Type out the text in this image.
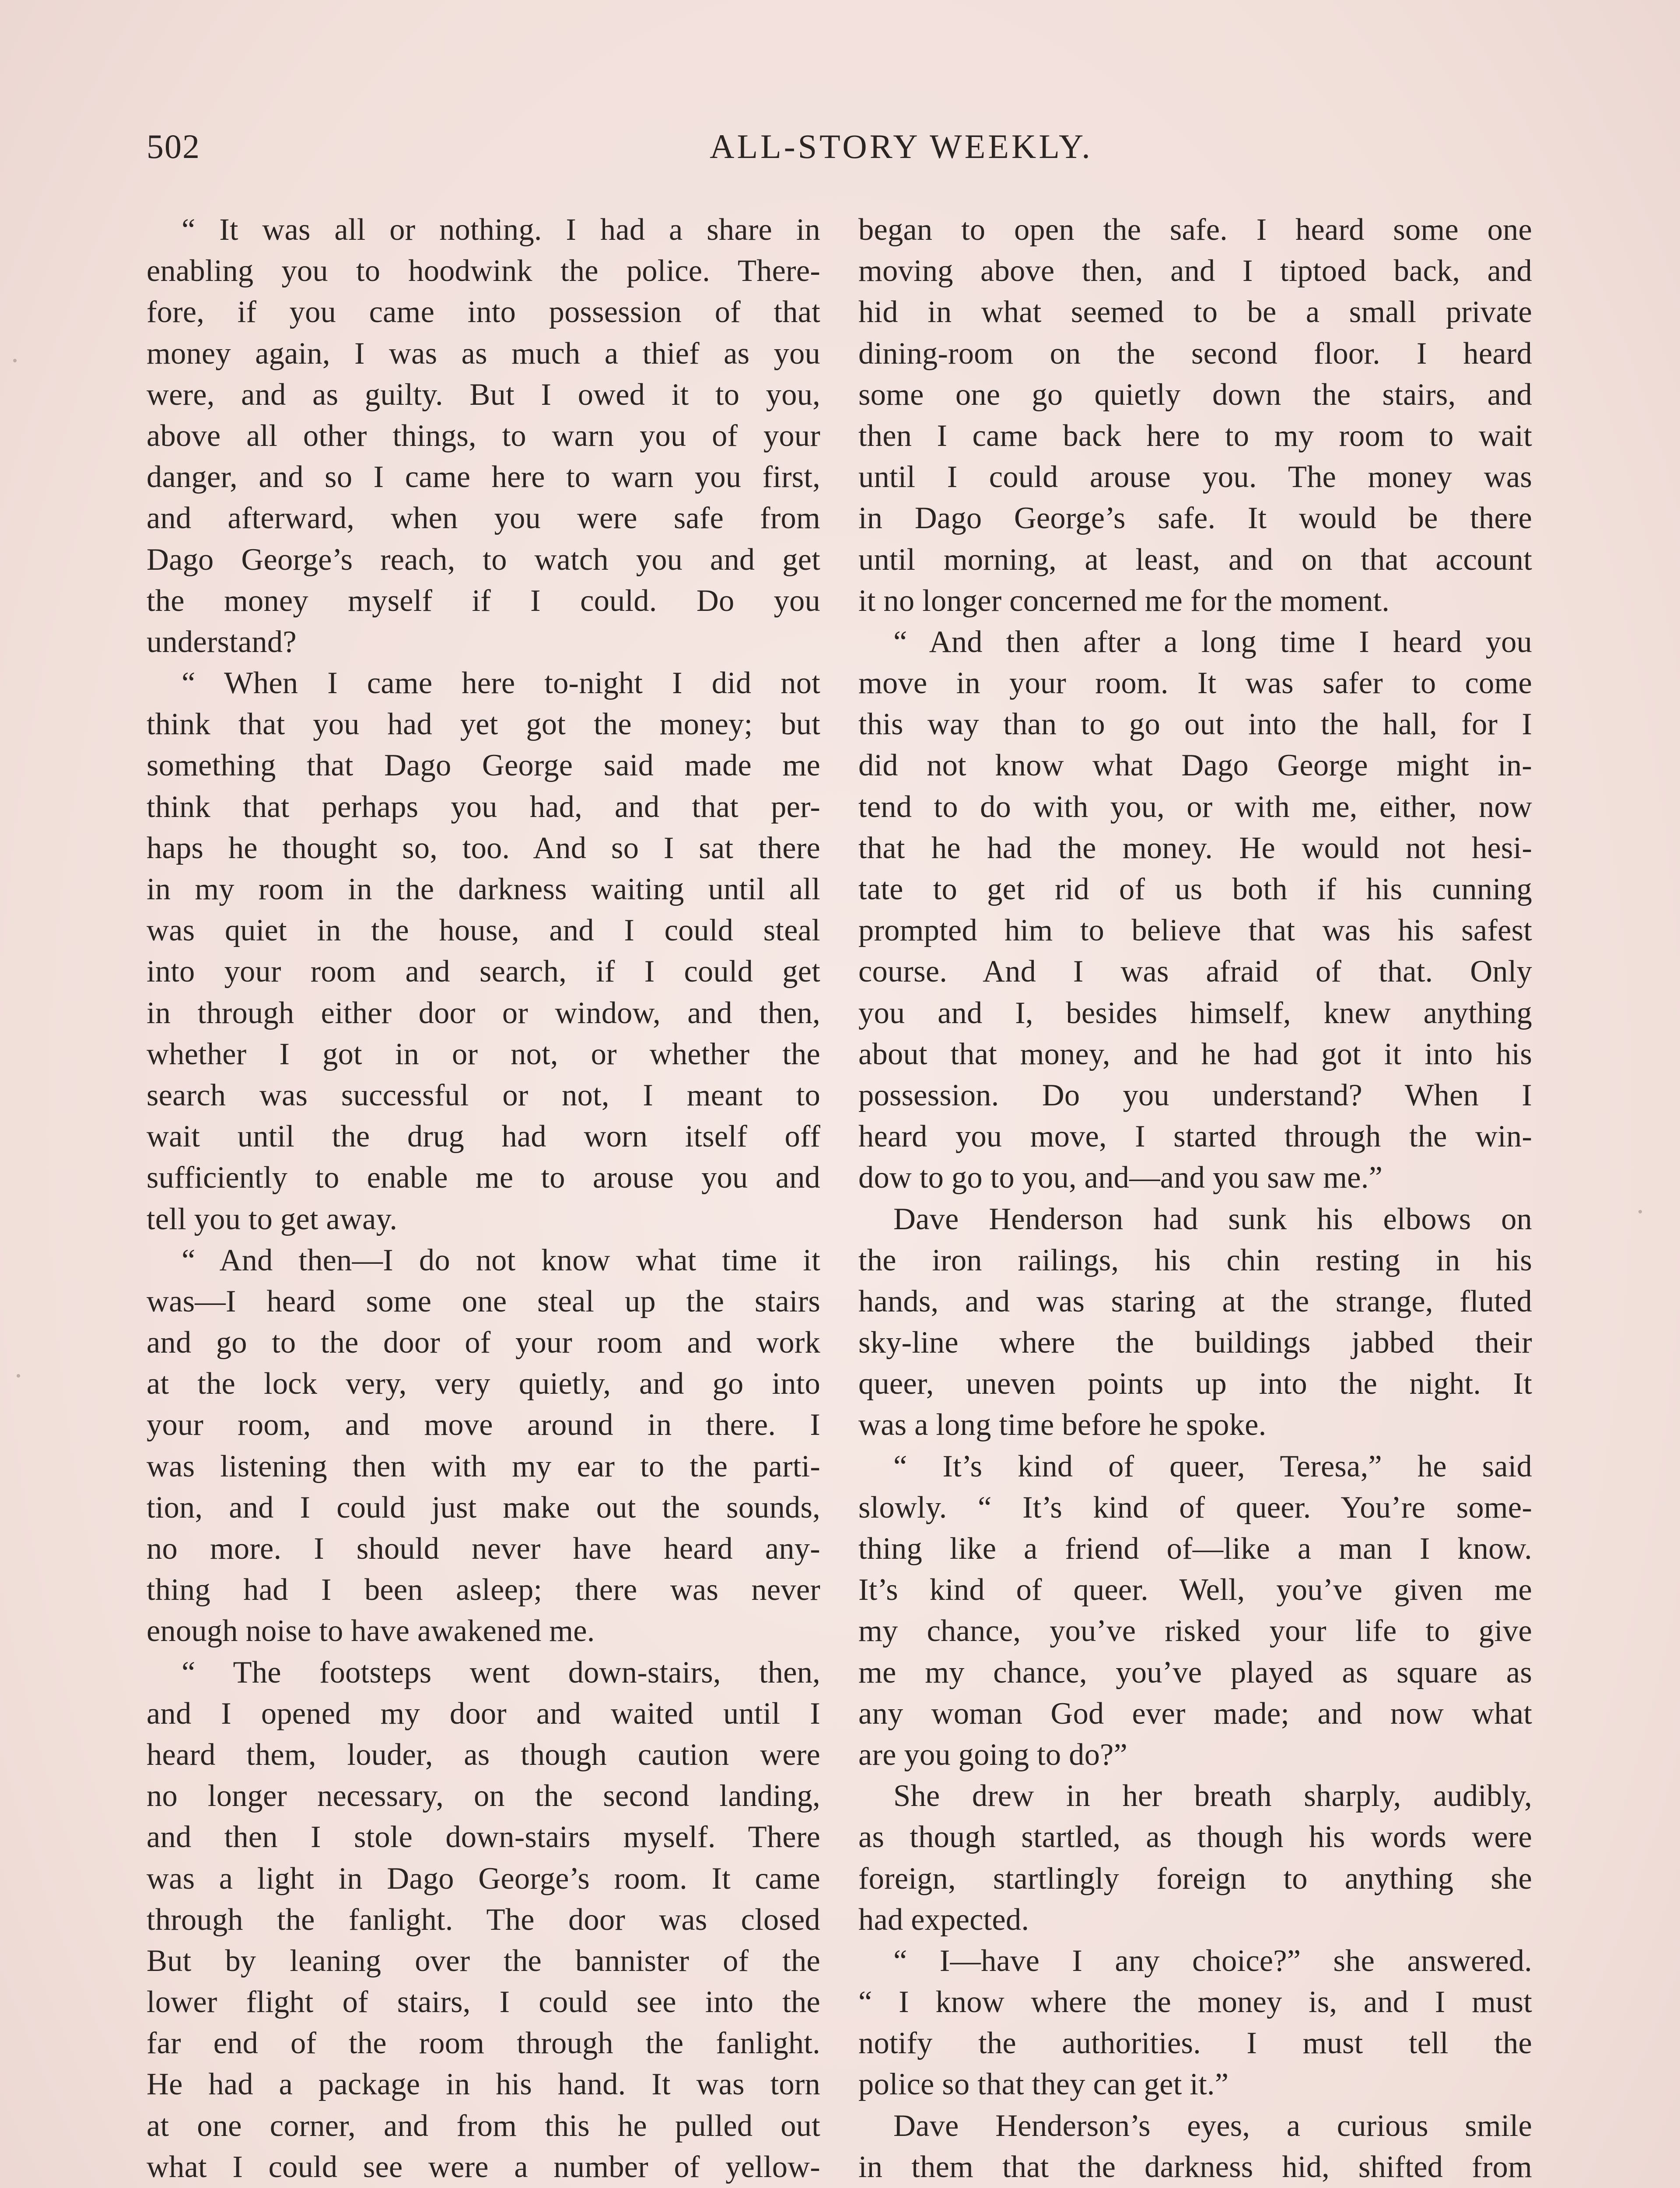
502	ALL-STORY WEEKLY.
“ It was all or nothing. I had a share in
enabling you to hoodwink the police. There-
fore, if you came into possession of that
money again, I was as much a thief as you
were, and as guilty. But I owed it to you,
above all other things, to warn you of your
danger, and so I came here to warn you first,
and afterward, when you were safe from
Dago George’s reach, to watch you and get
the money myself if I could. Do you
understand?
“ When I came here to-night I did not
think that you had yet got the money; but
something that Dago George said made me
think that perhaps you had, and that per-
haps he thought so, too. And so I sat there
in my room in the darkness waiting until all
was quiet in the house, and I could steal
into your room and search, if I could get
in through either door or window, and then,
whether I got in or not, or whether the
search was successful or not, I meant to
wait until the drug had worn itself off
sufficiently to enable me to arouse you and
tell you to get away.
“ And then—I do not know what time it
was—I heard some one steal up the stairs
and go to the door of your room and work
at the lock very, very quietly, and go into
your room, and move around in there. I
was listening then with my ear to the parti-
tion, and I could just make out the sounds,
no more. I should never have heard any-
thing had I been asleep; there was never
enough noise to have awakened me.
“ The footsteps went down-stairs, then,
and I opened my door and waited until I
heard them, louder, as though caution were
no longer necessary, on the second landing,
and then I stole down-stairs myself. There
was a light in Dago George’s room. It came
through the fanlight. The door was closed
But by leaning over the bannister of the
lower flight of stairs, I could see into the
far end of the room through the fanlight.
He had a package in his hand. It was torn
at one corner, and from this he pulled out
what I could see were a number of yellow-
began to open the safe. I heard some one
moving above then, and I tiptoed back, and
hid in what seemed to be a small private
dining-room on the second floor. I heard
some one go quietly down the stairs, and
then I came back here to my room to wait
until I could arouse you. The money was
in Dago George’s safe. It would be there
until morning, at least, and on that account
it no longer concerned me for the moment.
“ And then after a long time I heard you
move in your room. It was safer to come
this way than to go out into the hall, for I
did not know what Dago George might in-
tend to do with you, or with me, either, now
that he had the money. He would not hesi-
tate to get rid of us both if his cunning
prompted him to believe that was his safest
course. And I was afraid of that. Only
you and I, besides himself, knew anything
about that money, and he had got it into his
possession. Do you understand? When I
heard you move, I started through the win-
dow to go to you, and—and you saw me.”
Dave Henderson had sunk his elbows on
the iron railings, his chin resting in his
hands, and was staring at the strange, fluted
sky-line where the buildings jabbed their
queer, uneven points up into the night. It
was a long time before he spoke.
“ It’s kind of queer, Teresa,” he said
slowly. “ It’s kind of queer. You’re some-
thing like a friend of—like a man I know.
It’s kind of queer. Well, you’ve given me
my chance, you’ve risked your life to give
me my chance, you’ve played as square as
any woman God ever made; and now what
are you going to do?”
She drew in her breath sharply, audibly,
as though startled, as though his words were
foreign, startlingly foreign to anything she
had expected.
“ I—have I any choice?” she answered.
“ I know where the money is, and I must
notify the authorities. I must tell the
police so that they can get it.”
Dave Henderson’s eyes, a curious smile
in them that the darkness hid, shifted from
